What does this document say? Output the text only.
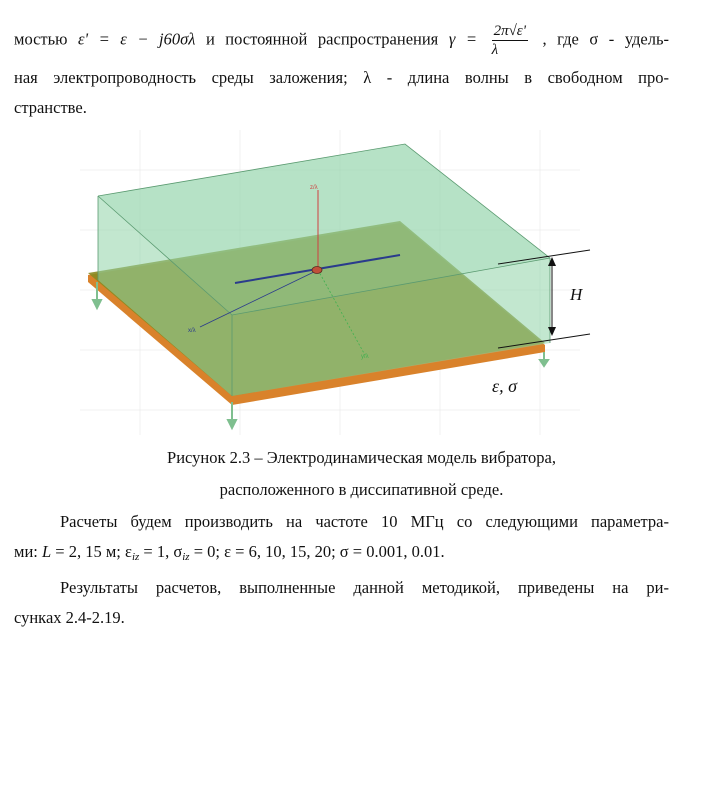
мостью ε' = ε − j60σλ и постоянной распространения $\gamma = \frac{2\pi√\varepsilon'}{\lambda}$ , где σ - удель-
ная электропроводность среды заложения; λ - длина волны в свободном про-
странстве.
z/λ
x/λ
y/λ
H
ε, σ
Рисунок 2.3 – Электродинамическая модель вибратора,
расположенного в диссипативной среде.
Расчеты будем производить на частоте 10 МГц со следующими параметра-
ми: L = 2, 15 м; $\varepsilon_{iz} = 1$, $\sigma_{iz} = 0$; ε = 6, 10, 15, 20; σ = 0.001, 0.01.
Результаты расчетов, выполненные данной методикой, приведены на ри-
сунках 2.4-2.19.
